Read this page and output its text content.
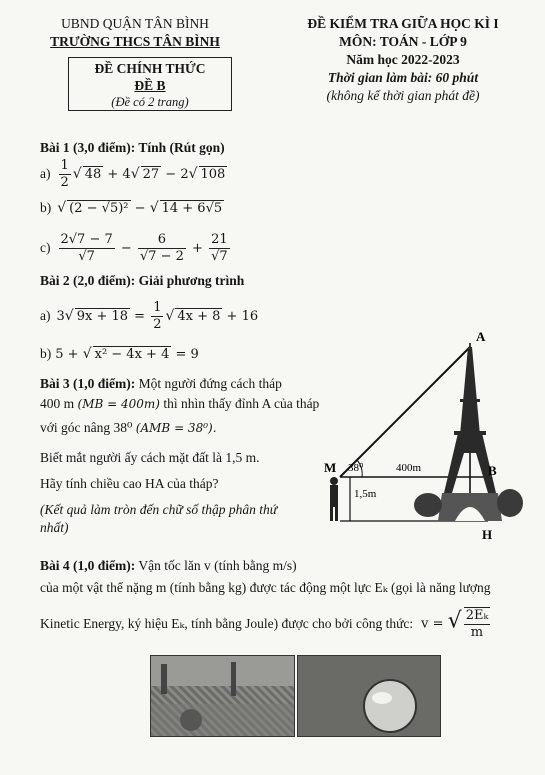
UBND QUẬN TÂN BÌNH
TRƯỜNG THCS TÂN BÌNH
ĐỀ CHÍNH THỨC
ĐỀ B
(Đề có 2 trang)
ĐỀ KIỂM TRA GIỮA HỌC KÌ I
MÔN: TOÁN - LỚP 9
Năm học 2022-2023
Thời gian làm bài: 60 phút
(không kể thời gian phát đề)
Bài 1 (3,0 điểm): Tính (Rút gọn)
$a) \frac{1}{2}$ √ 48 + 4√ 27 − 2√ 108
b) √ (2 − √5)² − √ 14 + 6√5
$c) \frac{2√7 - 7}{√7} - \frac{6}{√7 - 2} + \frac{21}{√7}$
Bài 2 (2,0 điểm): Giải phương trình
a) 3√ $9x + 18 = \frac{1}{2}$ √ 4x + 8 + 16
b) 5 + √ x² − 4x + 4 = 9
Bài 3 (1,0 điểm): Một người đứng cách tháp
400 m (MB = 400m) thì nhìn thấy đỉnh A của tháp
với góc nâng 38⁰ (AMB = 38⁰).
Biết mắt người ấy cách mặt đất là 1,5 m.
Hãy tính chiều cao HA của tháp?
(Kết quả làm tròn đến chữ số thập phân thứ
nhất)
A
M	B
H
38⁰	400m
1,5m
Bài 4 (1,0 điểm): Vận tốc lăn v (tính bằng m/s)
của một vật thể nặng m (tính bằng kg) được tác động một lực Eₖ (gọi là năng lượng
Kinetic Energy, ký hiệu Eₖ, tính bằng Joule) được cho bởi công thức: v = √ $\frac{\text{2Eₖ}}{m}$
